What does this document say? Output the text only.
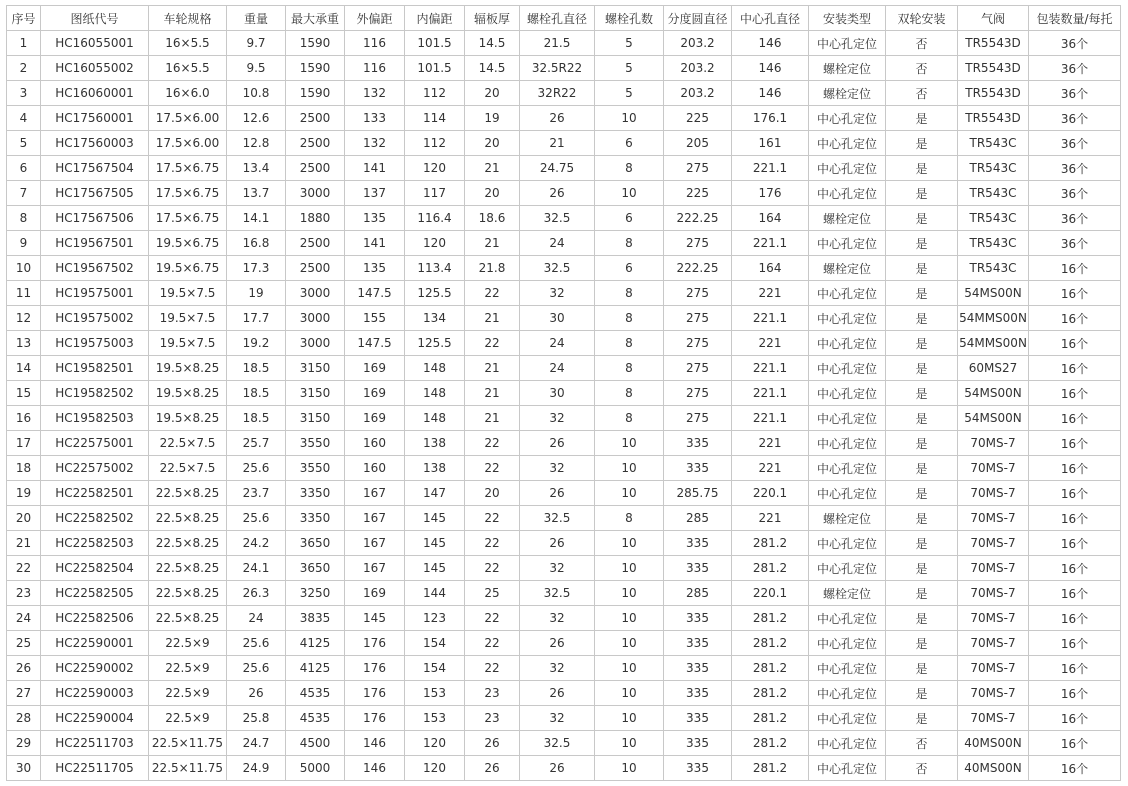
序号	图纸代号	车轮规格	重量	最大承重	外偏距	内偏距	辐板厚	螺栓孔直径	螺栓孔数	分度圆直径	中心孔直径	安装类型	双轮安装	气阀	包装数量/每托
1	HC16055001	16×5.5	9.7	1590	116	101.5	14.5	21.5	5	203.2	146	中心孔定位	否	TR5543D	36个
2	HC16055002	16×5.5	9.5	1590	116	101.5	14.5	32.5R22	5	203.2	146	螺栓定位	否	TR5543D	36个
3	HC16060001	16×6.0	10.8	1590	132	112	20	32R22	5	203.2	146	螺栓定位	否	TR5543D	36个
4	HC17560001	17.5×6.00	12.6	2500	133	114	19	26	10	225	176.1	中心孔定位	是	TR5543D	36个
5	HC17560003	17.5×6.00	12.8	2500	132	112	20	21	6	205	161	中心孔定位	是	TR543C	36个
6	HC17567504	17.5×6.75	13.4	2500	141	120	21	24.75	8	275	221.1	中心孔定位	是	TR543C	36个
7	HC17567505	17.5×6.75	13.7	3000	137	117	20	26	10	225	176	中心孔定位	是	TR543C	36个
8	HC17567506	17.5×6.75	14.1	1880	135	116.4	18.6	32.5	6	222.25	164	螺栓定位	是	TR543C	36个
9	HC19567501	19.5×6.75	16.8	2500	141	120	21	24	8	275	221.1	中心孔定位	是	TR543C	36个
10	HC19567502	19.5×6.75	17.3	2500	135	113.4	21.8	32.5	6	222.25	164	螺栓定位	是	TR543C	16个
11	HC19575001	19.5×7.5	19	3000	147.5	125.5	22	32	8	275	221	中心孔定位	是	54MS00N	16个
12	HC19575002	19.5×7.5	17.7	3000	155	134	21	30	8	275	221.1	中心孔定位	是	54MMS00N	16个
13	HC19575003	19.5×7.5	19.2	3000	147.5	125.5	22	24	8	275	221	中心孔定位	是	54MMS00N	16个
14	HC19582501	19.5×8.25	18.5	3150	169	148	21	24	8	275	221.1	中心孔定位	是	60MS27	16个
15	HC19582502	19.5×8.25	18.5	3150	169	148	21	30	8	275	221.1	中心孔定位	是	54MS00N	16个
16	HC19582503	19.5×8.25	18.5	3150	169	148	21	32	8	275	221.1	中心孔定位	是	54MS00N	16个
17	HC22575001	22.5×7.5	25.7	3550	160	138	22	26	10	335	221	中心孔定位	是	70MS-7	16个
18	HC22575002	22.5×7.5	25.6	3550	160	138	22	32	10	335	221	中心孔定位	是	70MS-7	16个
19	HC22582501	22.5×8.25	23.7	3350	167	147	20	26	10	285.75	220.1	中心孔定位	是	70MS-7	16个
20	HC22582502	22.5×8.25	25.6	3350	167	145	22	32.5	8	285	221	螺栓定位	是	70MS-7	16个
21	HC22582503	22.5×8.25	24.2	3650	167	145	22	26	10	335	281.2	中心孔定位	是	70MS-7	16个
22	HC22582504	22.5×8.25	24.1	3650	167	145	22	32	10	335	281.2	中心孔定位	是	70MS-7	16个
23	HC22582505	22.5×8.25	26.3	3250	169	144	25	32.5	10	285	220.1	螺栓定位	是	70MS-7	16个
24	HC22582506	22.5×8.25	24	3835	145	123	22	32	10	335	281.2	中心孔定位	是	70MS-7	16个
25	HC22590001	22.5×9	25.6	4125	176	154	22	26	10	335	281.2	中心孔定位	是	70MS-7	16个
26	HC22590002	22.5×9	25.6	4125	176	154	22	32	10	335	281.2	中心孔定位	是	70MS-7	16个
27	HC22590003	22.5×9	26	4535	176	153	23	26	10	335	281.2	中心孔定位	是	70MS-7	16个
28	HC22590004	22.5×9	25.8	4535	176	153	23	32	10	335	281.2	中心孔定位	是	70MS-7	16个
29	HC22511703	22.5×11.75	24.7	4500	146	120	26	32.5	10	335	281.2	中心孔定位	否	40MS00N	16个
30	HC22511705	22.5×11.75	24.9	5000	146	120	26	26	10	335	281.2	中心孔定位	否	40MS00N	16个
